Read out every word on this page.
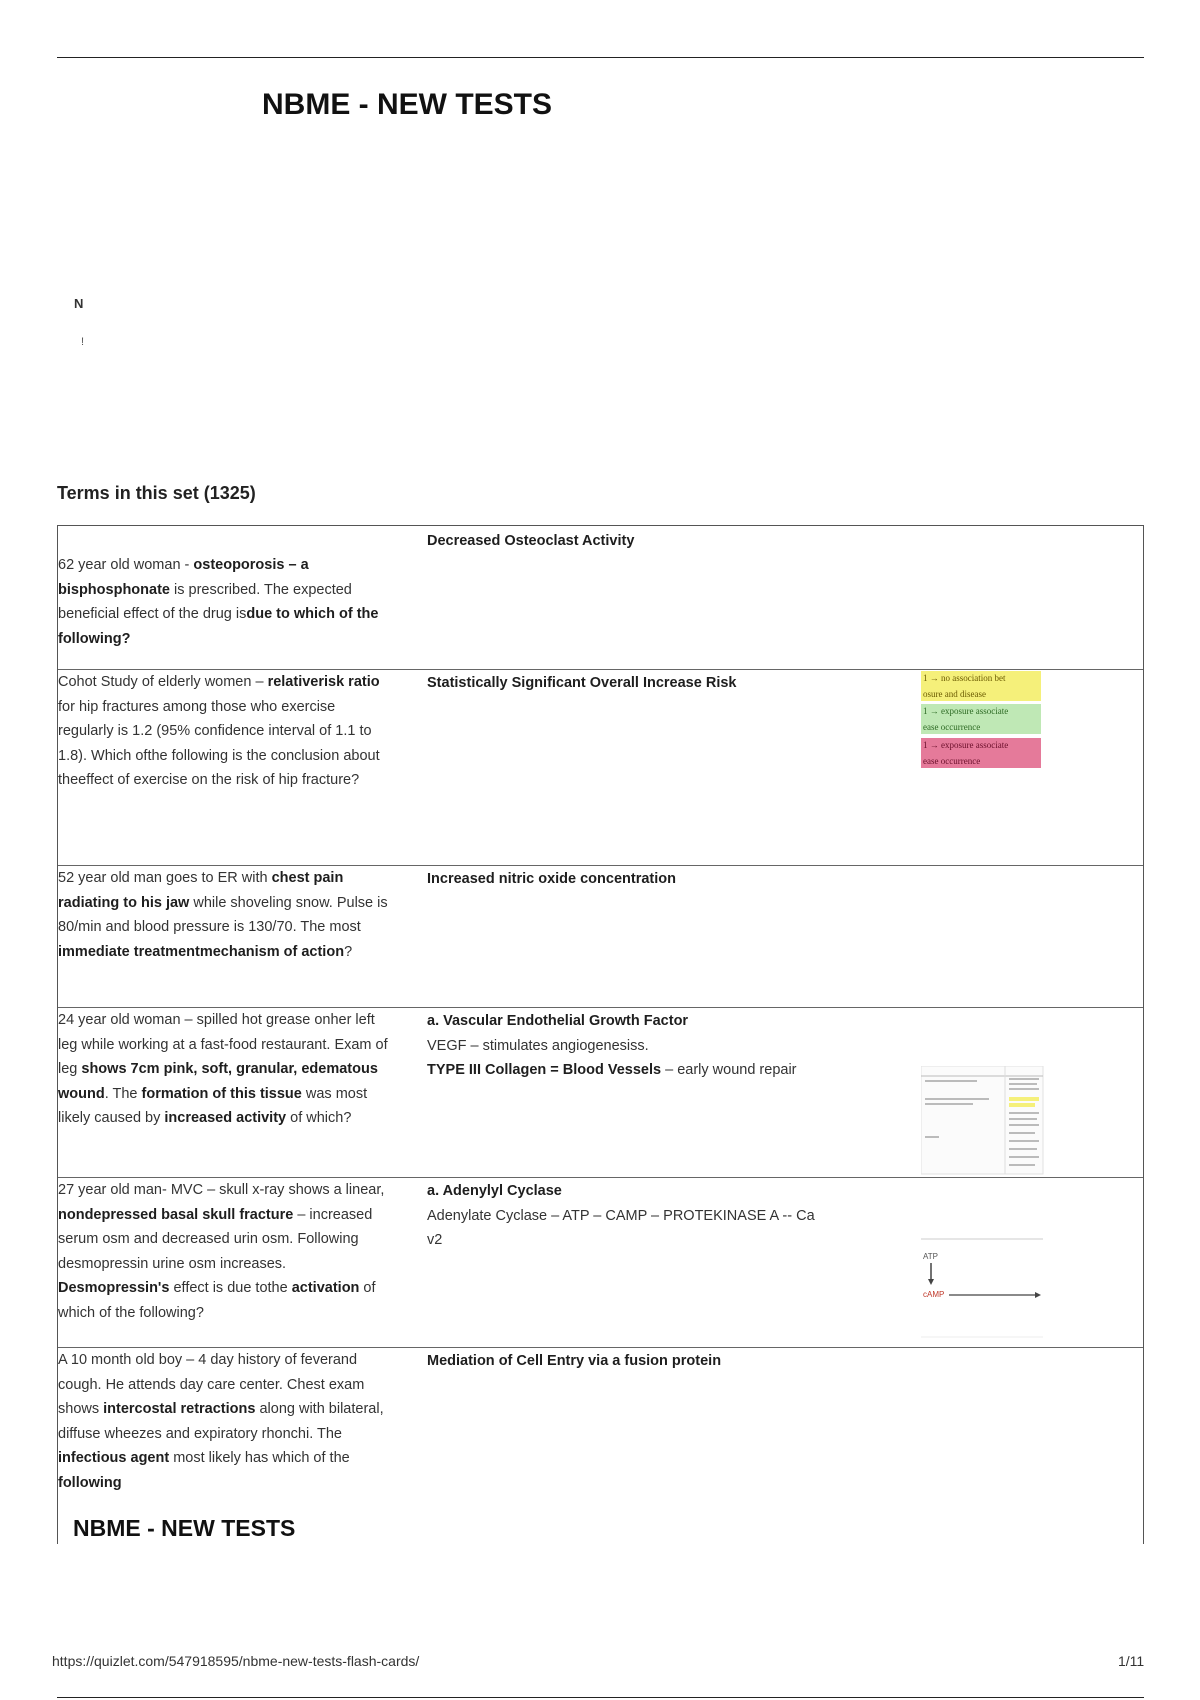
NBME - NEW TESTS
N
!
Terms in this set (1325)
62 year old woman - osteoporosis – a bisphosphonate is prescribed. The expected beneficial effect of the drug isdue to which of the following?
Decreased Osteoclast Activity
Cohot Study of elderly women – relativerisk ratio for hip fractures among those who exercise regularly is 1.2 (95% confidence interval of 1.1 to 1.8). Which ofthe following is the conclusion about theeffect of exercise on the risk of hip fracture?
Statistically Significant Overall Increase Risk	1 → no association bet
osure and disease
1 → exposure associate
ease occurrence
1 → exposure associate
ease occurrence
52 year old man goes to ER with chest pain radiating to his jaw while shoveling snow. Pulse is 80/min and blood pressure is 130/70. The most immediate treatmentmechanism of action?
Increased nitric oxide concentration
24 year old woman – spilled hot grease onher left leg while working at a fast-food restaurant. Exam of leg shows 7cm pink, soft, granular, edematous wound. The formation of this tissue was most likely caused by increased activity of which?
a. Vascular Endothelial Growth Factor
VEGF – stimulates angiogenesiss.
TYPE III Collagen = Blood Vessels – early wound repair
27 year old man- MVC – skull x-ray shows a linear, nondepressed basal skull fracture – increased serum osm and decreased urin osm. Following desmopressin urine osm increases. Desmopressin's effect is due tothe activation of which of the following?
a. Adenylyl Cyclase
Adenylate Cyclase – ATP – CAMP – PROTEKINASE A -- Ca
v2
ATP
cAMP
A 10 month old boy – 4 day history of feverand cough. He attends day care center. Chest exam shows intercostal retractions along with bilateral, diffuse wheezes and expiratory rhonchi. The infectious agent most likely has which of the following
Mediation of Cell Entry via a fusion protein
NBME - NEW TESTS
https://quizlet.com/547918595/nbme-new-tests-flash-cards/	1/11
